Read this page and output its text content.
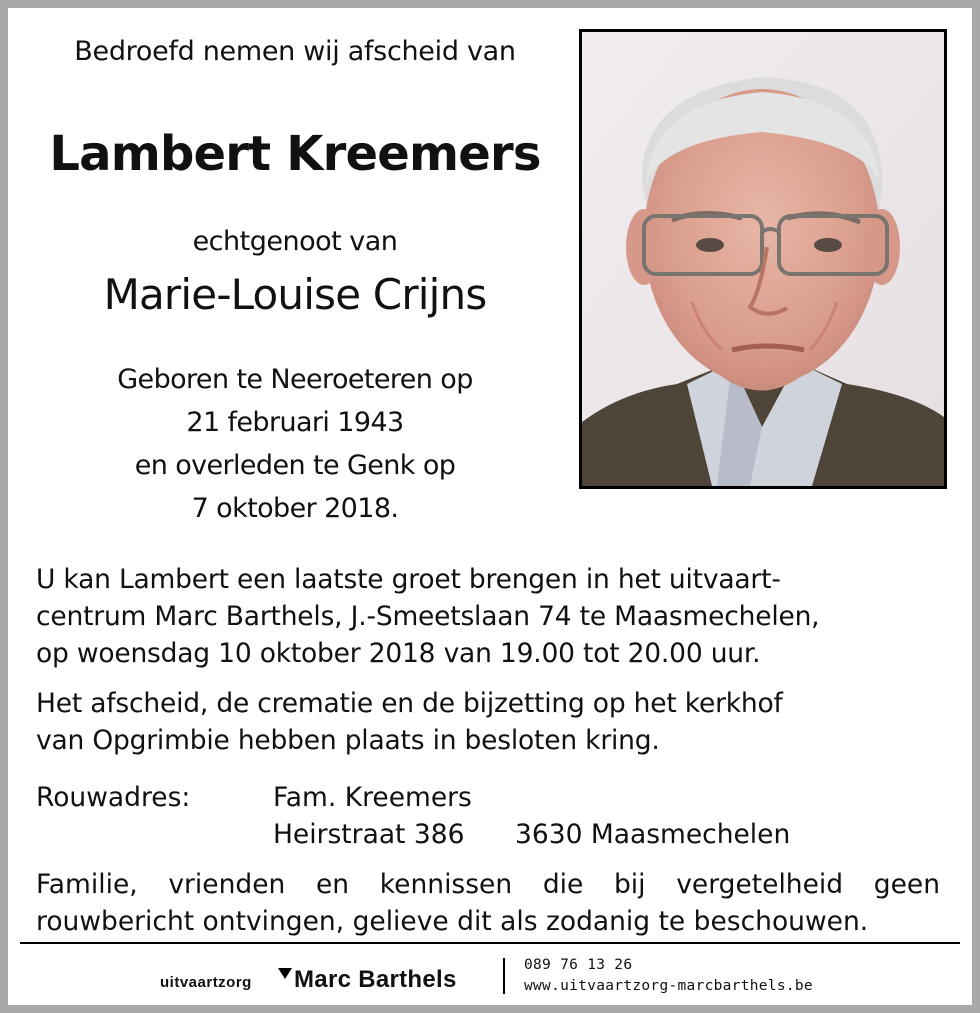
Bedroefd nemen wij afscheid van
Lambert Kreemers
echtgenoot van
Marie-Louise Crijns
Geboren te Neeroeteren op
21 februari 1943
en overleden te Genk op
7 oktober 2018.
U kan Lambert een laatste groet brengen in het uitvaart-
centrum Marc Barthels, J.-Smeetslaan 74 te Maasmechelen,
op woensdag 10 oktober 2018 van 19.00 tot 20.00 uur.
Het afscheid, de crematie en de bijzetting op het kerkhof
van Opgrimbie hebben plaats in besloten kring.
Rouwadres:	Fam. Kreemers
Heirstraat 386 3630 Maasmechelen
Familie, vrienden en kennissen die bij vergetelheid geen
rouwbericht ontvingen, gelieve dit als zodanig te beschouwen.
uitvaartzorg Marc Barthels
089 76 13 26
www.uitvaartzorg-marcbarthels.be
